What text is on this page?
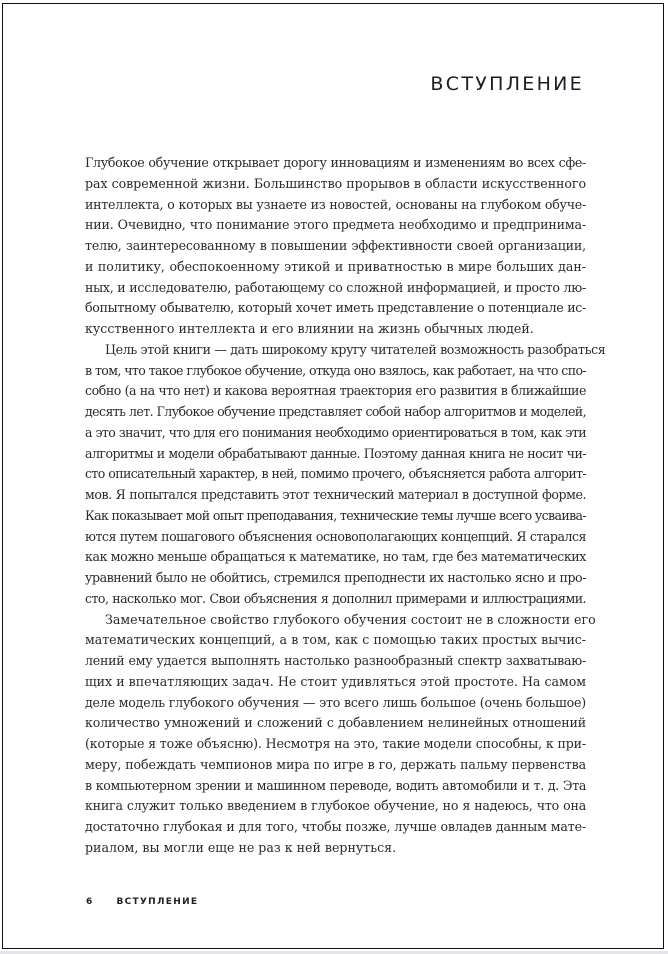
ВСТУПЛЕНИЕ

Глубокое обучение открывает дорогу инновациям и изменениям во всех сфе-
рах современной жизни. Большинство прорывов в области искусственного
интеллекта, о которых вы узнаете из новостей, основаны на глубоком обуче-
нии. Очевидно, что понимание этого предмета необходимо и предпринима-
телю, заинтересованному в повышении эффективности своей организации,
и политику, обеспокоенному этикой и приватностью в мире больших дан-
ных, и исследователю, работающему со сложной информацией, и просто лю-
бопытному обывателю, который хочет иметь представление о потенциале ис-
кусственного интеллекта и его влиянии на жизнь обычных людей.

Цель этой книги — дать широкому кругу читателей возможность разобраться
в том, что такое глубокое обучение, откуда оно взялось, как работает, на что спо-
собно (а на что нет) и какова вероятная траектория его развития в ближайшие
десять лет. Глубокое обучение представляет собой набор алгоритмов и моделей,
а это значит, что для его понимания необходимо ориентироваться в том, как эти
алгоритмы и модели обрабатывают данные. Поэтому данная книга не носит чи-
сто описательный характер, в ней, помимо прочего, объясняется работа алгорит-
мов. Я попытался представить этот технический материал в доступной форме.
Как показывает мой опыт преподавания, технические темы лучше всего усваива-
ются путем пошагового объяснения основополагающих концепций. Я старался
как можно меньше обращаться к математике, но там, где без математических
уравнений было не обойтись, стремился преподнести их настолько ясно и про-
сто, насколько мог. Свои объяснения я дополнил примерами и иллюстрациями.

Замечательное свойство глубокого обучения состоит не в сложности его
математических концепций, а в том, как с помощью таких простых вычис-
лений ему удается выполнять настолько разнообразный спектр захватываю-
щих и впечатляющих задач. Не стоит удивляться этой простоте. На самом
деле модель глубокого обучения — это всего лишь большое (очень большое)
количество умножений и сложений с добавлением нелинейных отношений
(которые я тоже объясню). Несмотря на это, такие модели способны, к при-
меру, побеждать чемпионов мира по игре в го, держать пальму первенства
в компьютерном зрении и машинном переводе, водить автомобили и т. д. Эта
книга служит только введением в глубокое обучение, но я надеюсь, что она
достаточно глубокая и для того, чтобы позже, лучше овладев данным мате-
риалом, вы могли еще не раз к ней вернуться.

6	ВСТУПЛЕНИЕ
